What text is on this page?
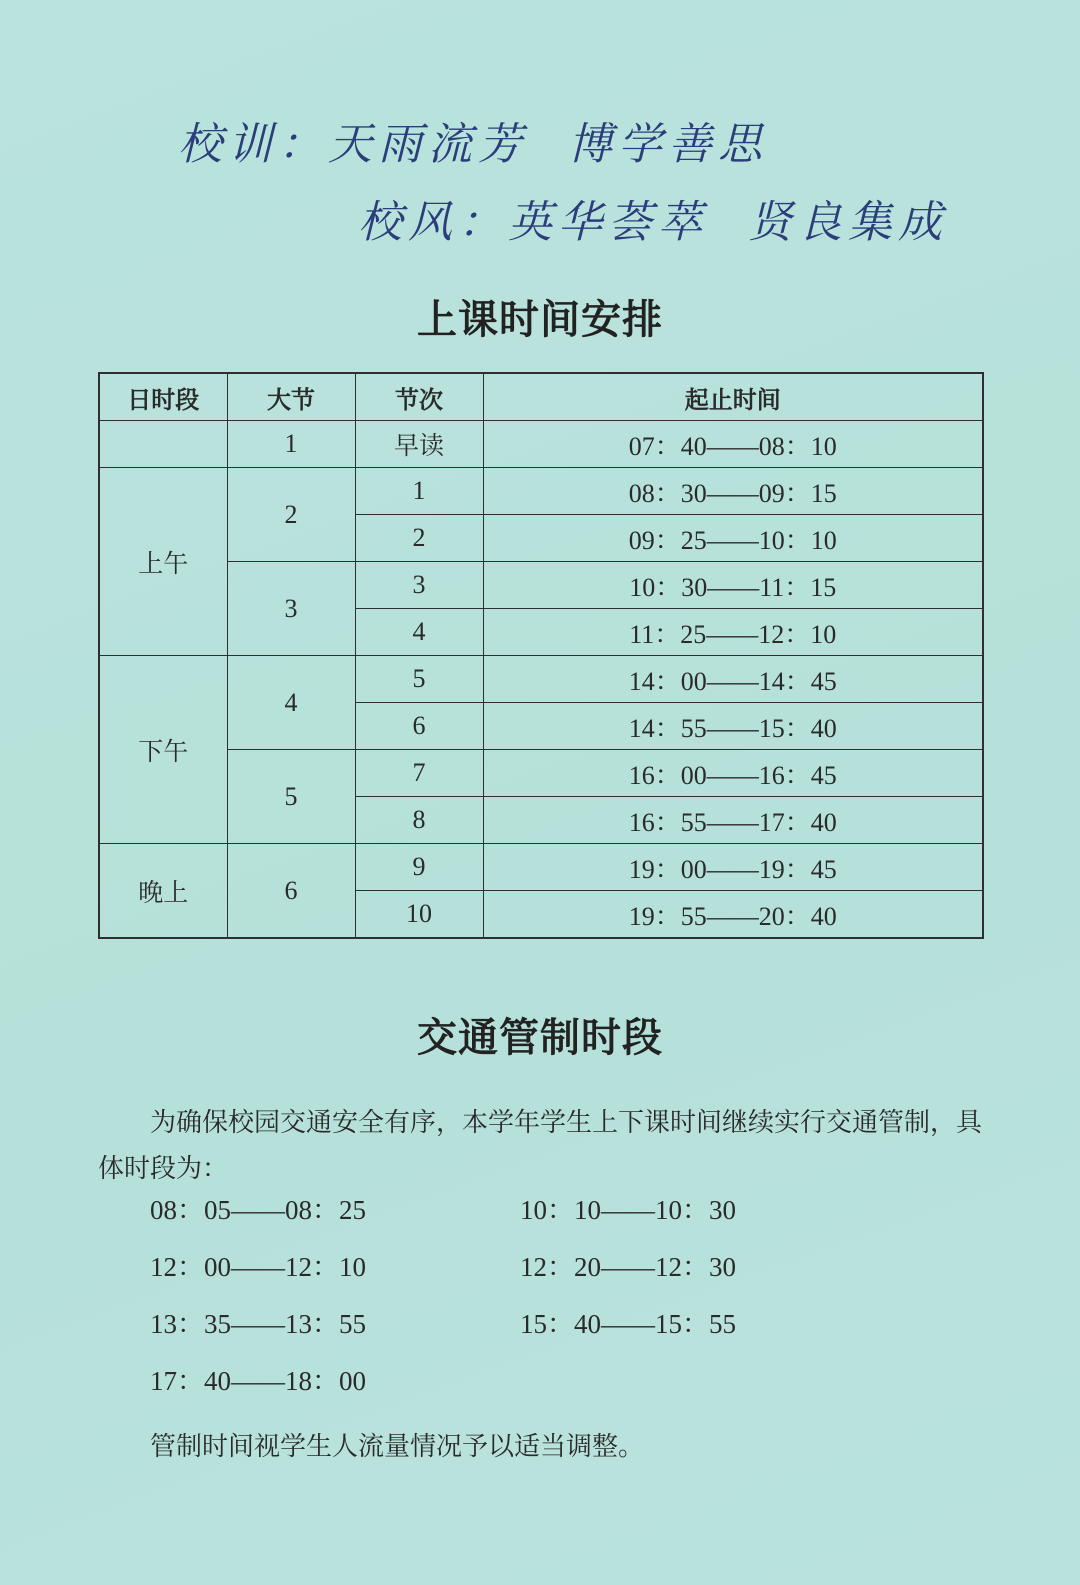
校训：天雨流芳 博学善思
校风：英华荟萃 贤良集成
上课时间安排
日时段	大节	节次	起止时间
	1	早读	07：40——08：10
上午	2	1	08：30——09：15
		2	09：25——10：10
	3	3	10：30——11：15
		4	11：25——12：10
下午	4	5	14：00——14：45
		6	14：55——15：40
	5	7	16：00——16：45
		8	16：55——17：40
晚上	6	9	19：00——19：45
		10	19：55——20：40
交通管制时段
为确保校园交通安全有序，本学年学生上下课时间继续实行交通管制，具体时段为：
08：05——08：25	10：10——10：30
12：00——12：10	12：20——12：30
13：35——13：55	15：40——15：55
17：40——18：00
管制时间视学生人流量情况予以适当调整。
